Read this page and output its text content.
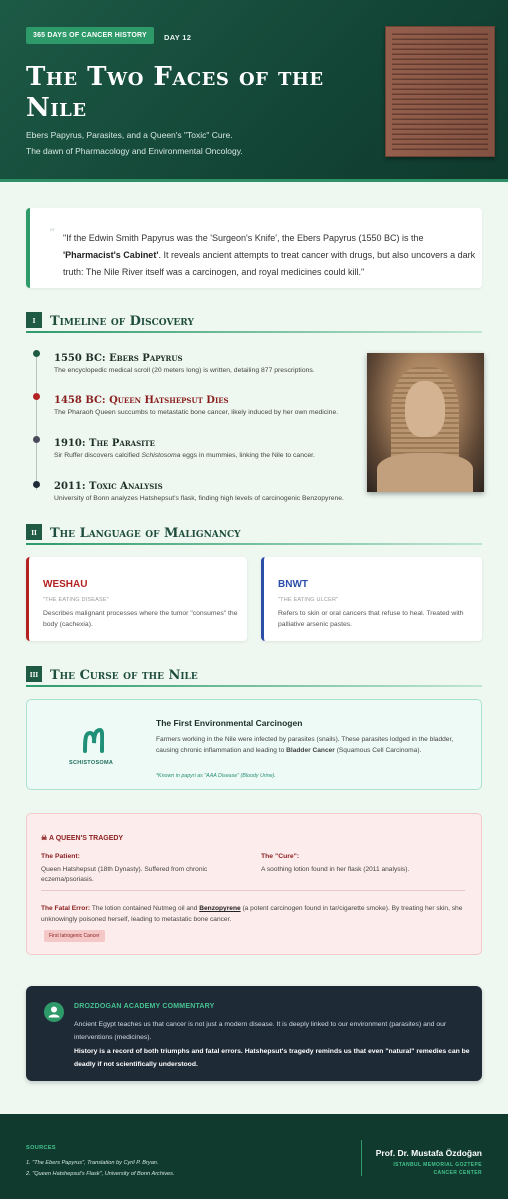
365 DAYS OF CANCER HISTORY	DAY 12
The Two Faces of the Nile
Ebers Papyrus, Parasites, and a Queen's "Toxic" Cure.
The dawn of Pharmacology and Environmental Oncology.
“ "If the Edwin Smith Papyrus was the 'Surgeon's Knife', the Ebers Papyrus (1550 BC) is the 'Pharmacist's Cabinet'. It reveals ancient attempts to treat cancer with drugs, but also uncovers a dark truth: The Nile River itself was a carcinogen, and royal medicines could kill."
I	Timeline of Discovery
1550 BC: Ebers Papyrus
The encyclopedic medical scroll (20 meters long) is written, detailing 877 prescriptions.
1458 BC: Queen Hatshepsut Dies
The Pharaoh Queen succumbs to metastatic bone cancer, likely induced by her own medicine.
1910: The Parasite
Sir Ruffer discovers calcified Schistosoma eggs in mummies, linking the Nile to cancer.
2011: Toxic Analysis
University of Bonn analyzes Hatshepsut's flask, finding high levels of carcinogenic Benzopyrene.
II	The Language of Malignancy
WESHAU
"THE EATING DISEASE"
Describes malignant processes where the tumor "consumes" the body (cachexia).
BNWT
"THE EATING ULCER"
Refers to skin or oral cancers that refuse to heal. Treated with palliative arsenic pastes.
III The Curse of the Nile
SCHISTOSOMA
The First Environmental Carcinogen
Farmers working in the Nile were infected by parasites (snails). These parasites lodged in the bladder, causing chronic inflammation and leading to Bladder Cancer (Squamous Cell Carcinoma).
*Known in papyri as "AAA Disease" (Bloody Urine).
☠ A QUEEN'S TRAGEDY
The Patient:
Queen Hatshepsut (18th Dynasty). Suffered from chronic eczema/psoriasis.
The "Cure":
A soothing lotion found in her flask (2011 analysis).
The Fatal Error: The lotion contained Nutmeg oil and Benzopyrene (a potent carcinogen found in tar/cigarette smoke). By treating her skin, she unknowingly poisoned herself, leading to metastatic bone cancer.
First Iatrogenic Cancer
DROZDOGAN ACADEMY COMMENTARY
Ancient Egypt teaches us that cancer is not just a modern disease. It is deeply linked to our environment (parasites) and our interventions (medicines).
History is a record of both triumphs and fatal errors. Hatshepsut's tragedy reminds us that even "natural" remedies can be deadly if not scientifically understood.
SOURCES
1. "The Ebers Papyrus", Translation by Cyril P. Bryan.
2. "Queen Hatshepsut's Flask", University of Bonn Archives.
Prof. Dr. Mustafa Özdoğan
ISTANBUL MEMORIAL GOZTEPE
CANCER CENTER
